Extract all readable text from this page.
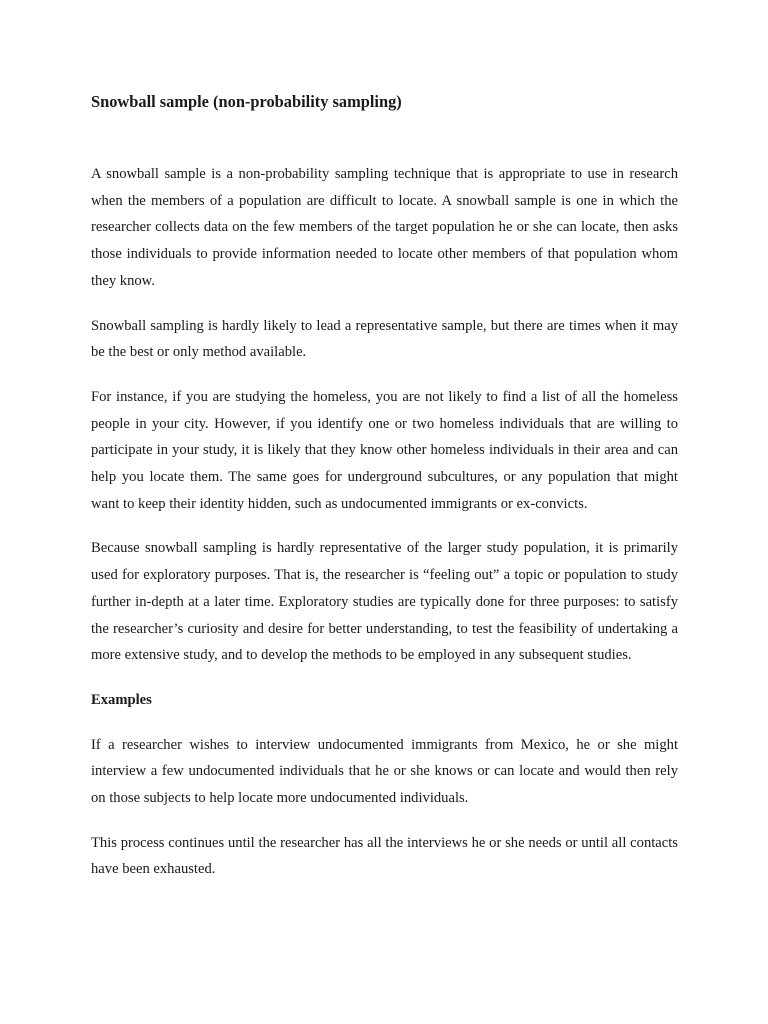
Snowball sample (non-probability sampling)

A snowball sample is a non-probability sampling technique that is appropriate to use in research when the members of a population are difficult to locate. A snowball sample is one in which the researcher collects data on the few members of the target population he or she can locate, then asks those individuals to provide information needed to locate other members of that population whom they know.

Snowball sampling is hardly likely to lead a representative sample, but there are times when it may be the best or only method available.

For instance, if you are studying the homeless, you are not likely to find a list of all the homeless people in your city. However, if you identify one or two homeless individuals that are willing to participate in your study, it is likely that they know other homeless individuals in their area and can help you locate them. The same goes for underground subcultures, or any population that might want to keep their identity hidden, such as undocumented immigrants or ex-convicts.

Because snowball sampling is hardly representative of the larger study population, it is primarily used for exploratory purposes. That is, the researcher is “feeling out” a topic or population to study further in-depth at a later time. Exploratory studies are typically done for three purposes: to satisfy the researcher’s curiosity and desire for better understanding, to test the feasibility of undertaking a more extensive study, and to develop the methods to be employed in any subsequent studies.

Examples

If a researcher wishes to interview undocumented immigrants from Mexico, he or she might interview a few undocumented individuals that he or she knows or can locate and would then rely on those subjects to help locate more undocumented individuals.

This process continues until the researcher has all the interviews he or she needs or until all contacts have been exhausted.
